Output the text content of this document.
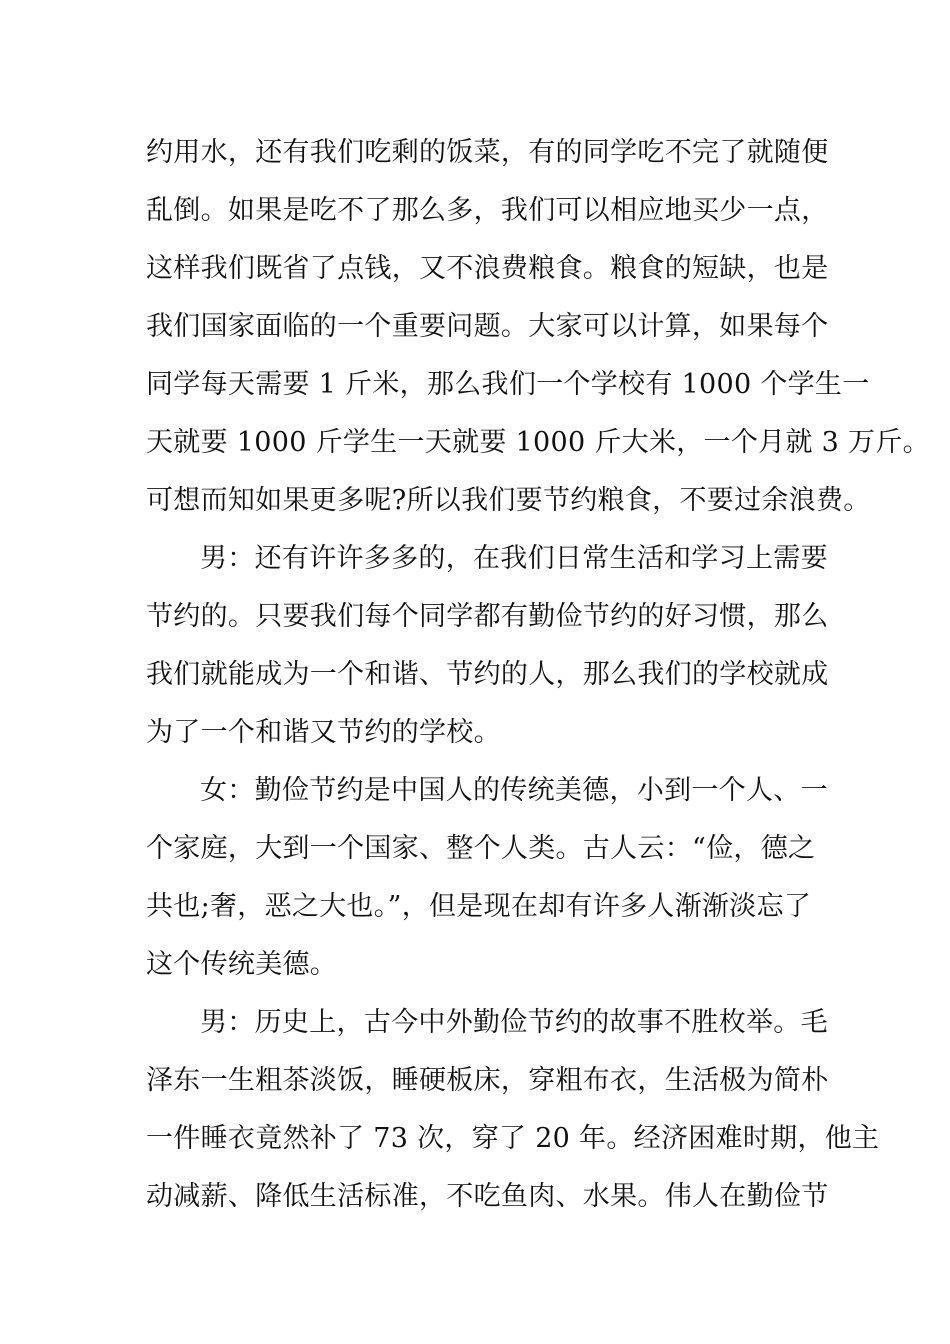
约用水，还有我们吃剩的饭菜，有的同学吃不完了就随便
乱倒。如果是吃不了那么多，我们可以相应地买少一点，
这样我们既省了点钱，又不浪费粮食。粮食的短缺，也是
我们国家面临的一个重要问题。大家可以计算，如果每个
同学每天需要 1 斤米，那么我们一个学校有 1000 个学生一
天就要 1000 斤学生一天就要 1000 斤大米，一个月就 3 万斤。
可想而知如果更多呢?所以我们要节约粮食，不要过余浪费。
男：还有许许多多的，在我们日常生活和学习上需要
节约的。只要我们每个同学都有勤俭节约的好习惯，那么
我们就能成为一个和谐、节约的人，那么我们的学校就成
为了一个和谐又节约的学校。
女：勤俭节约是中国人的传统美德，小到一个人、一
个家庭，大到一个国家、整个人类。古人云：“俭，德之
共也;奢，恶之大也。”，但是现在却有许多人渐渐淡忘了
这个传统美德。
男：历史上，古今中外勤俭节约的故事不胜枚举。毛
泽东一生粗茶淡饭，睡硬板床，穿粗布衣，生活极为简朴
一件睡衣竟然补了 73 次，穿了 20 年。经济困难时期，他主
动减薪、降低生活标准，不吃鱼肉、水果。伟人在勤俭节
